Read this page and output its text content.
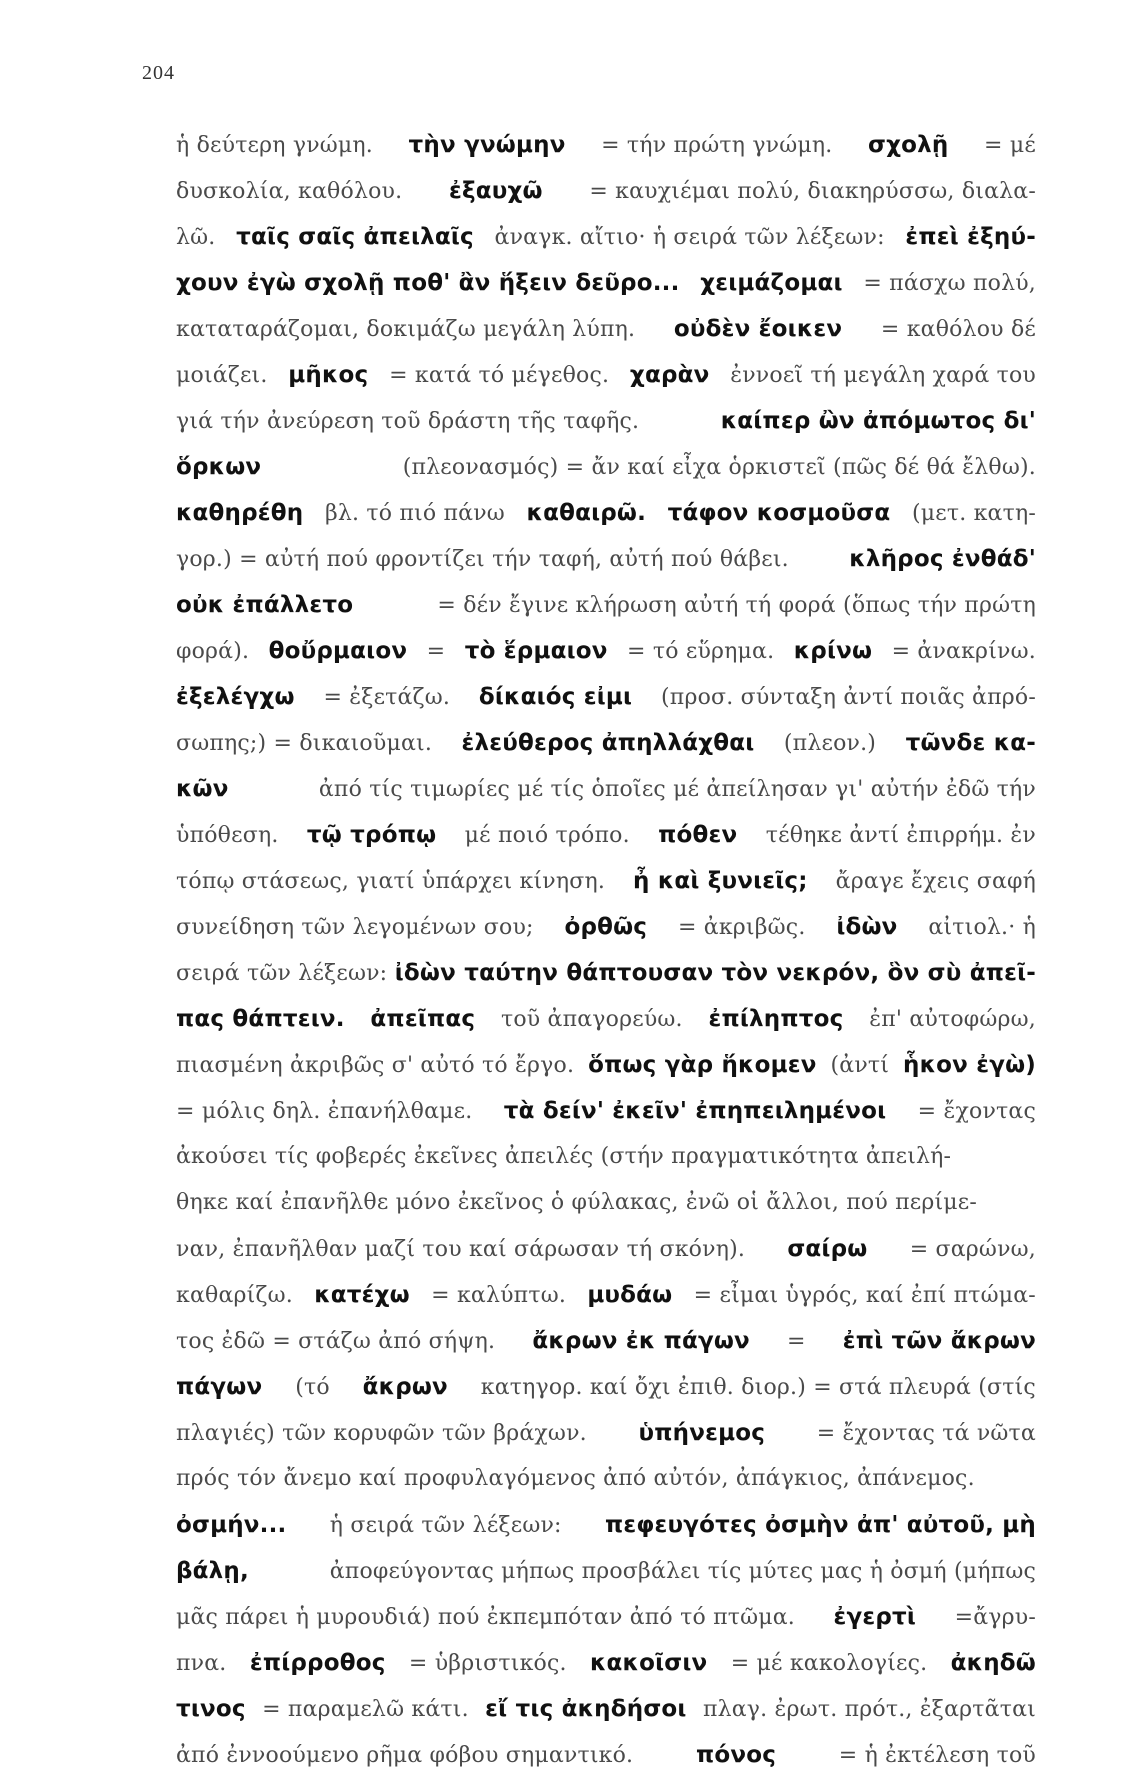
204
ἡ δεύτερη γνώμη. τὴν γνώμην = τήν πρώτη γνώμη. σχολῇ = μέ
δυσκολία, καθόλου. ἐξαυχῶ = καυχιέμαι πολύ, διακηρύσσω, διαλα-
λῶ. ταῖς σαῖς ἀπειλαῖς ἀναγκ. αἴτιο· ἡ σειρά τῶν λέξεων: ἐπεὶ ἐξηύ-
χουν ἐγὼ σχολῇ ποθ' ἂν ἥξειν δεῦρο... χειμάζομαι = πάσχω πολύ,
καταταράζομαι, δοκιμάζω μεγάλη λύπη. οὐδὲν ἔοικεν = καθόλου δέ
μοιάζει. μῆκος = κατά τό μέγεθος. χαρὰν ἐννοεῖ τή μεγάλη χαρά του
γιά τήν ἀνεύρεση τοῦ δράστη τῆς ταφῆς.	καίπερ ὢν ἀπόμωτος δι'
ὅρκων	(πλεονασμός) = ἄν καί εἶχα ὁρκιστεῖ (πῶς δέ θά ἔλθω).
καθηρέθη βλ. τό πιό πάνω καθαιρῶ. τάφον κοσμοῦσα (μετ. κατη-
γορ.) = αὐτή πού φροντίζει τήν ταφή, αὐτή πού θάβει.	κλῆρος ἐνθάδ'
οὐκ ἐπάλλετο	= δέν ἔγινε κλήρωση αὐτή τή φορά (ὅπως τήν πρώτη
φορά). θοὔρμαιον = τὸ ἕρμαιον = τό εὕρημα. κρίνω = ἀνακρίνω.
ἐξελέγχω = ἐξετάζω. δίκαιός εἰμι (προσ. σύνταξη ἀντί ποιᾶς ἀπρό-
σωπης;) = δικαιοῦμαι. ἐλεύθερος ἀπηλλάχθαι (πλεον.) τῶνδε κα-
κῶν	ἀπό τίς τιμωρίες μέ τίς ὁποῖες μέ ἀπείλησαν γι' αὐτήν ἐδῶ τήν
ὑπόθεση. τῷ τρόπῳ μέ ποιό τρόπο. πόθεν τέθηκε ἀντί ἐπιρρήμ. ἐν
τόπῳ στάσεως, γιατί ὑπάρχει κίνηση. ἦ καὶ ξυνιεῖς; ἄραγε ἔχεις σαφή
συνείδηση τῶν λεγομένων σου; ὀρθῶς = ἀκριβῶς. ἰδὼν αἰτιολ.· ἡ
σειρά τῶν λέξεων: ἰδὼν ταύτην θάπτουσαν τὸν νεκρόν, ὃν σὺ ἀπεῖ-
πας θάπτειν. ἀπεῖπας τοῦ ἀπαγορεύω. ἐπίληπτος ἐπ' αὐτοφώρω,
πιασμένη ἀκριβῶς σ' αὐτό τό ἔργο. ὅπως γὰρ ἥκομεν (ἀντί ἧκον ἐγὼ)
= μόλις δηλ. ἐπανήλθαμε. τὰ δείν' ἐκεῖν' ἐπηπειλημένοι = ἔχοντας
ἀκούσει τίς φοβερές ἐκεῖνες ἀπειλές (στήν πραγματικότητα ἀπειλή-
θηκε καί ἐπανῆλθε μόνο ἐκεῖνος ὁ φύλακας, ἐνῶ οἱ ἄλλοι, πού περίμε-
ναν, ἐπανῆλθαν μαζί του καί σάρωσαν τή σκόνη). σαίρω = σαρώνω,
καθαρίζω. κατέχω = καλύπτω. μυδάω = εἶμαι ὑγρός, καί ἐπί πτώμα-
τος ἐδῶ = στάζω ἀπό σήψη. ἄκρων ἐκ πάγων = ἐπὶ τῶν ἄκρων
πάγων (τό ἄκρων κατηγορ. καί ὄχι ἐπιθ. διορ.) = στά πλευρά (στίς
πλαγιές) τῶν κορυφῶν τῶν βράχων. ὑπήνεμος = ἔχοντας τά νῶτα
πρός τόν ἄνεμο καί προφυλαγόμενος ἀπό αὐτόν, ἀπάγκιος, ἀπάνεμος.
ὀσμήν... ἡ σειρά τῶν λέξεων: πεφευγότες ὀσμὴν ἀπ' αὐτοῦ, μὴ
βάλῃ,	ἀποφεύγοντας μήπως προσβάλει τίς μύτες μας ἡ ὀσμή (μήπως
μᾶς πάρει ἡ μυρουδιά) πού ἐκπεμπόταν ἀπό τό πτῶμα. ἐγερτὶ =ἄγρυ-
πνα. ἐπίρροθος = ὑβριστικός. κακοῖσιν = μέ κακολογίες. ἀκηδῶ
τινος = παραμελῶ κάτι. εἴ τις ἀκηδήσοι πλαγ. ἐρωτ. πρότ., ἐξαρτᾶται
ἀπό ἐννοούμενο ρῆμα φόβου σημαντικό.	πόνος	= ἡ ἐκτέλεση τοῦ
